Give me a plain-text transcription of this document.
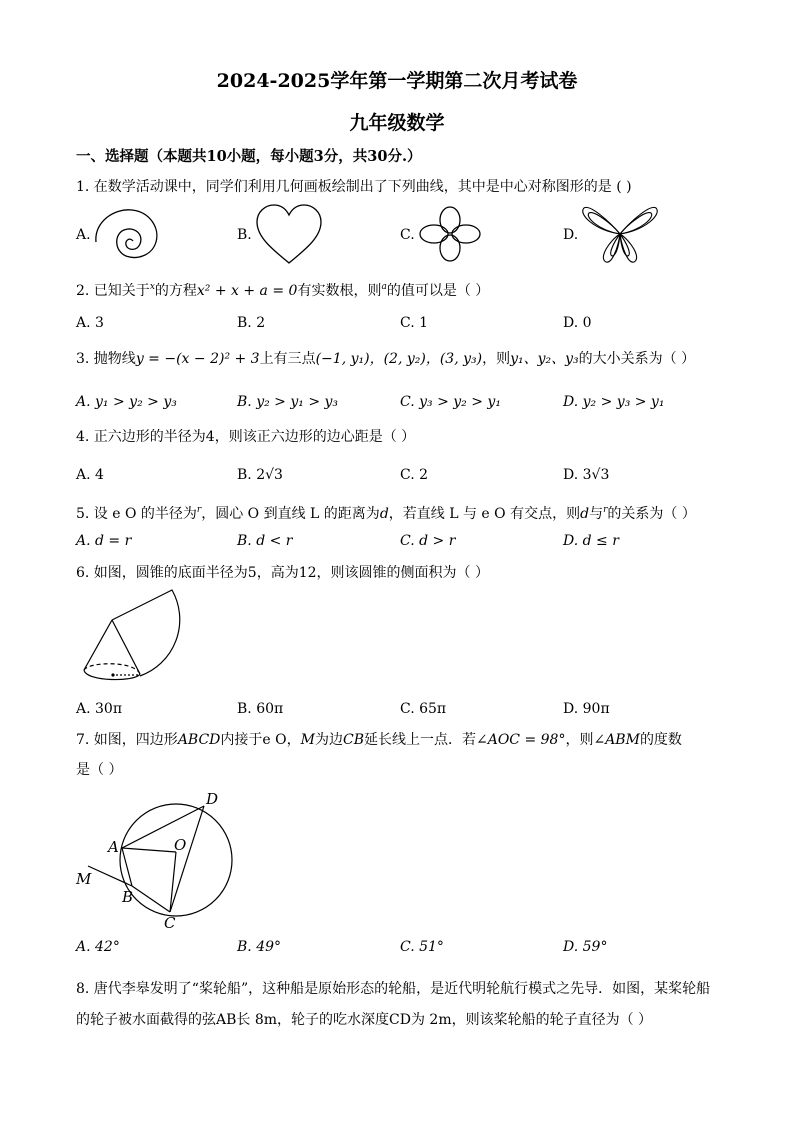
2024-2025学年第一学期第二次月考试卷
九年级数学
一、选择题（本题共10小题，每小题3分，共30分.）
1. 在数学活动课中，同学们利用几何画板绘制出了下列曲线，其中是中心对称图形的是 ( )
A.	B.	C.	D.
2. 已知关于$^x$的方程x² + x + a = 0有实数根，则$^a$的值可以是（ ）
A. 3	B. 2	C. 1	D. 0
3. 抛物线y = −(x − 2)² + 3上有三点(−1, y₁)，(2, y₂)，(3, y₃)，则y₁、y₂、y₃的大小关系为（ ）
A. y₁ > y₂ > y₃	B. y₂ > y₁ > y₃	C. y₃ > y₂ > y₁	D. y₂ > y₃ > y₁
4. 正六边形的半径为4，则该正六边形的边心距是（ ）
A. 4	B. 2√3	C. 2	D. 3√3
5. 设 e O 的半径为$^r$，圆心 O 到直线 L 的距离为d，若直线 L 与 e O 有交点，则d与$^r$的关系为（ ）
A. d = r	B. d < r	C. d > r	D. d ≤ r
6. 如图，圆锥的底面半径为5，高为12，则该圆锥的侧面积为（ ）
A. 30π	B. 60π	C. 65π	D. 90π
7. 如图，四边形ABCD内接于e O，M为边CB延长线上一点．若∠AOC = 98°，则∠ABM的度数
是（ ）
D
A	O
M
B
C
A. 42°	B. 49°	C. 51°	D. 59°
8. 唐代李皋发明了“桨轮船”，这种船是原始形态的轮船，是近代明轮航行模式之先导．如图，某桨轮船
的轮子被水面截得的弦AB长 8m，轮子的吃水深度CD为 2m，则该桨轮船的轮子直径为（ ）
